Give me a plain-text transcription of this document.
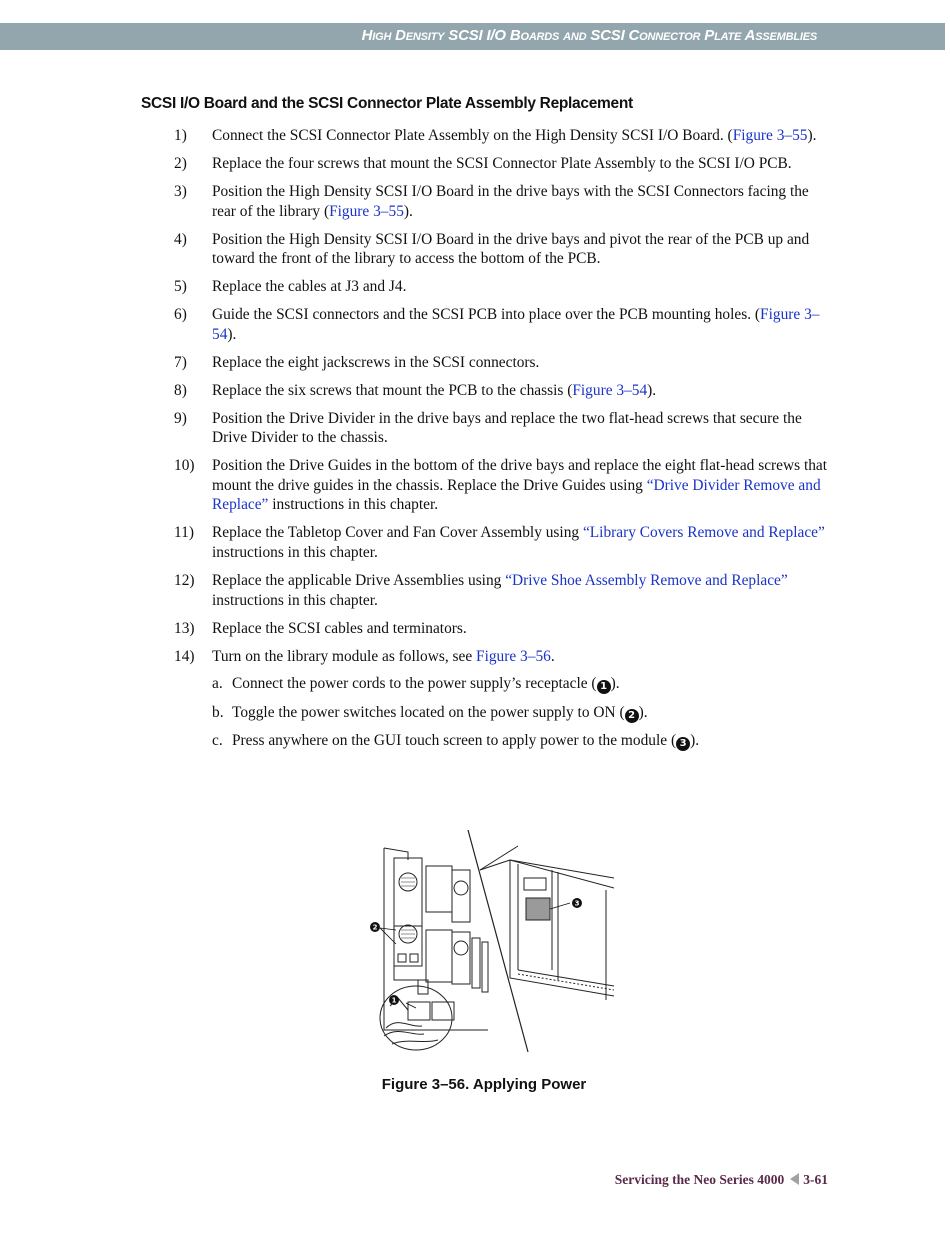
High Density SCSI I/O Boards and SCSI Connector Plate Assemblies
SCSI I/O Board and the SCSI Connector Plate Assembly Replacement
1)	Connect the SCSI Connector Plate Assembly on the High Density SCSI I/O Board. (Figure 3–55).
2)	Replace the four screws that mount the SCSI Connector Plate Assembly to the SCSI I/O PCB.
3)	Position the High Density SCSI I/O Board in the drive bays with the SCSI Connectors facing the rear of the library (Figure 3–55).
4)	Position the High Density SCSI I/O Board in the drive bays and pivot the rear of the PCB up and toward the front of the library to access the bottom of the PCB.
5)	Replace the cables at J3 and J4.
6)	Guide the SCSI connectors and the SCSI PCB into place over the PCB mounting holes. (Figure 3–54).
7)	Replace the eight jackscrews in the SCSI connectors.
8)	Replace the six screws that mount the PCB to the chassis (Figure 3–54).
9)	Position the Drive Divider in the drive bays and replace the two flat-head screws that secure the Drive Divider to the chassis.
10)	Position the Drive Guides in the bottom of the drive bays and replace the eight flat-head screws that mount the drive guides in the chassis. Replace the Drive Guides using “Drive Divider Remove and Replace” instructions in this chapter.
11)	Replace the Tabletop Cover and Fan Cover Assembly using “Library Covers Remove and Replace” instructions in this chapter.
12)	Replace the applicable Drive Assemblies using “Drive Shoe Assembly Remove and Replace” instructions in this chapter.
13)	Replace the SCSI cables and terminators.
14)	Turn on the library module as follows, see Figure 3–56.
a. Connect the power cords to the power supply’s receptacle ( 1 ).
b. Toggle the power switches located on the power supply to ON ( 2 ).
c. Press anywhere on the GUI touch screen to apply power to the module ( 3 ).
2
1
3
Figure 3–56. Applying Power
Servicing the Neo Series 4000 3-61
